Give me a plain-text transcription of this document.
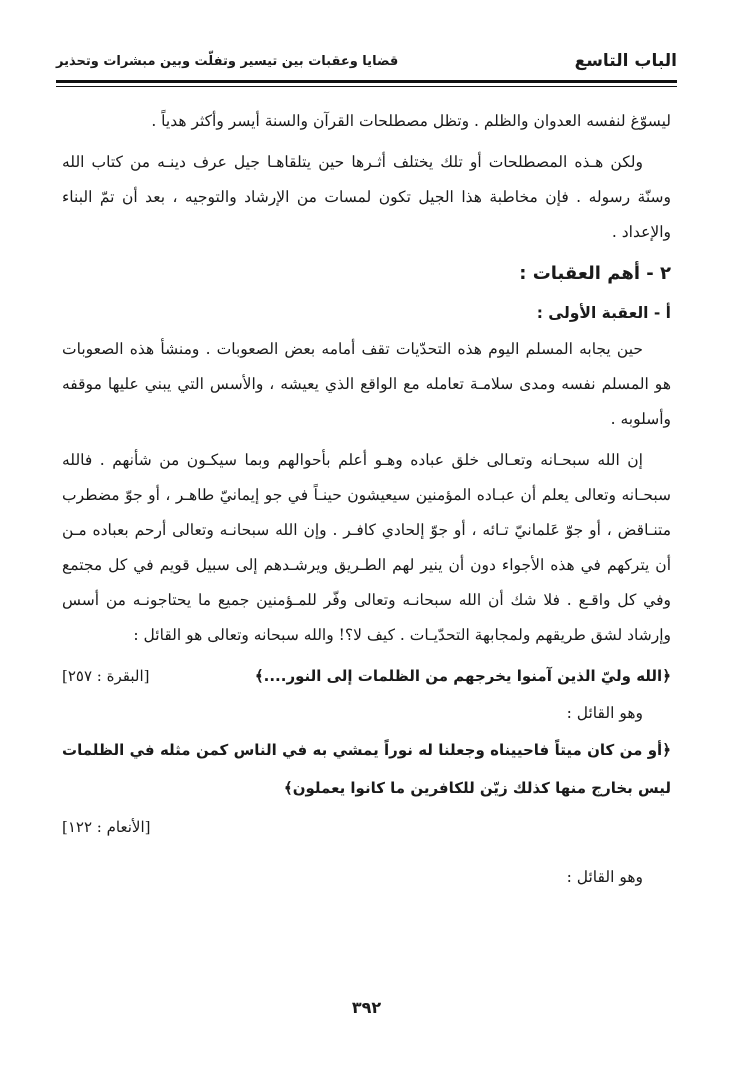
الباب التاسع
قضايا وعقبات بين تيسير وتفلّت وبين مبشرات وتحذير

ليسوّغ لنفسه العدوان والظلم . وتظل مصطلحات القرآن والسنة أيسر وأكثر هدياً .

ولكن هـذه المصطلحات أو تلك يختلف أثـرها حين يتلقاهـا جيل عرف دينـه من كتاب الله وسنّة رسوله . فإن مخاطبة هذا الجيل تكون لمسات من الإرشاد والتوجيه ، بعد أن تمّ البناء والإعداد .

٢ - أهم العقبات :
أ - العقبة الأولى :

حين يجابه المسلم اليوم هذه التحدّيات تقف أمامه بعض الصعوبات . ومنشأ هذه الصعوبات هو المسلم نفسه ومدى سلامـة تعامله مع الواقع الذي يعيشه ، والأسس التي يبني عليها موقفه وأسلوبه .

إن الله سبحـانه وتعـالى خلق عباده وهـو أعلم بأحوالهم وبما سيكـون من شأنهم . فالله سبحـانه وتعالى يعلم أن عبـاده المؤمنين سيعيشون حينـاً في جو إيمانيّ طاهـر ، أو جوّ مضطرب متنـاقض ، أو جوّ عَلمانيّ تـائه ، أو جوّ إلحادي كافـر . وإن الله سبحانـه وتعالى أرحم بعباده مـن أن يتركهم في هذه الأجواء دون أن ينير لهم الطـريق ويرشـدهم إلى سبيل قويم في كل مجتمع وفي كل واقـع . فلا شك أن الله سبحانـه وتعالى وفّر للمـؤمنين جميع ما يحتاجونـه من أسس وإرشاد لشق طريقهم ولمجابهة التحدّيـات . كيف لا؟! والله سبحانه وتعالى هو القائل :

﴿الله وليّ الذين آمنوا يخرجهم من الظلمات إلى النور....﴾
[البقرة : ٢٥٧]
وهو القائل :
﴿أو من كان ميتاً فاحييناه وجعلنا له نوراً يمشي به في الناس كمن مثله في الظلمات ليس بخارج منها كذلك زيّن للكافرين ما كانوا يعملون﴾
[الأنعام : ١٢٢]
وهو القائل :
٣٩٢
